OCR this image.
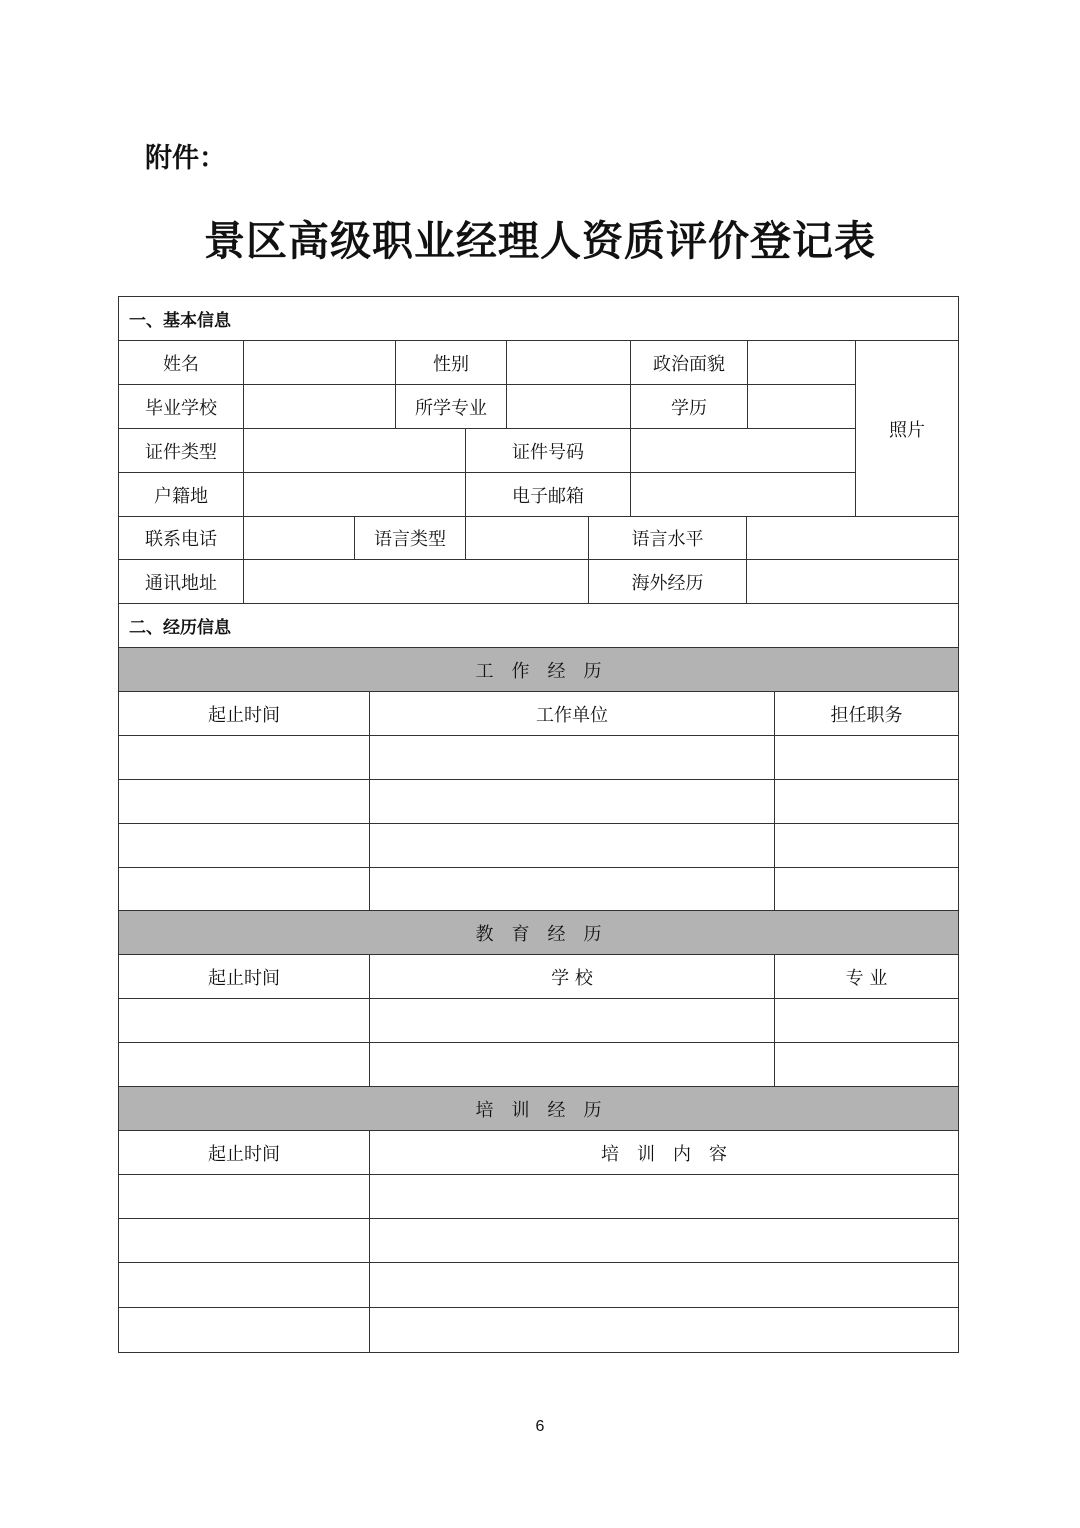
附件：
景区高级职业经理人资质评价登记表
一、基本信息
姓名	性别	政治面貌
照片
毕业学校	所学专业	学历
证件类型	证件号码
户籍地	电子邮箱
联系电话	语言类型	语言水平
通讯地址	海外经历
二、经历信息
工　作　经　历
起止时间	工作单位	担任职务
教　育　经　历
起止时间	学 校	专 业
培　训　经　历
起止时间	培　训　内　容
6
